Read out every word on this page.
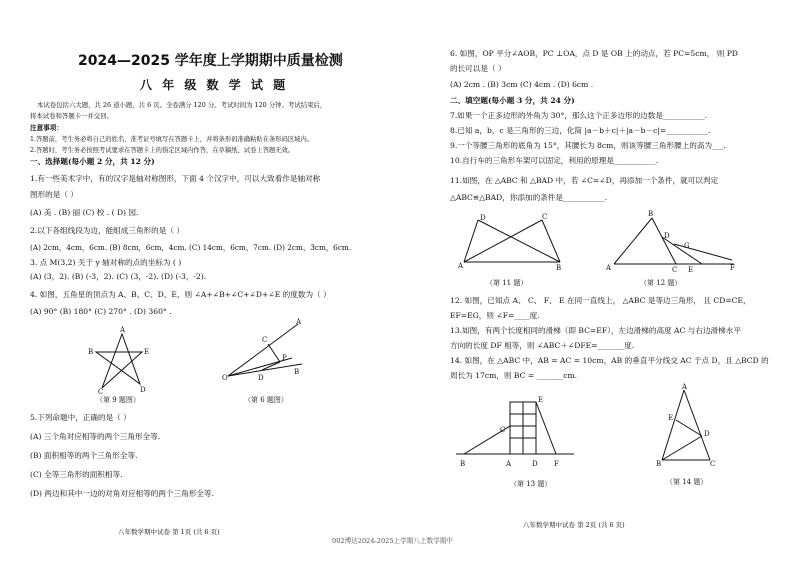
2024—2025 学年度上学期期中质量检测
八 年 级 数 学 试 题
本试卷包括六大题，共 26 道小题，共 6 页。全卷满分 120 分。考试时间为 120 分钟。考试结束后，
将本试卷和答题卡一并交回。
注意事项：
1.答题前，考生务必将自己的姓名、准考证号填写在答题卡上，并将条形码准确粘贴在条形码区域内。
2.答题时，考生务必按照考试要求在答题卡上的指定区域内作答，在草稿纸、试卷上答题无效。
一、选择题(每小题 2 分，共 12 分)
1.有一些美术字中，有的汉字是轴对称图形，下面 4 个汉字中，可以大致看作是轴对称
图形的是（ ）
(A) 美 . (B) 丽 (C) 校 . ( D) 园.
2.以下各组线段为边，能组成三角形的是（ ）
(A) 2cm，4cm，6cm. (B) 8cm，6cm，4cm. (C) 14cm，6cm，7cm. (D) 2cm，3cm，6cm.
3. 点 M(3,2) 关于 y 轴对称的点的坐标为 ( )
(A) (3，2). (B) (-3，2). (C) (3，-2). (D) (-3，-2).
4. 如图，五角星的顶点为 A、B、C、D、E，则 ∠A+∠B+∠C+∠D+∠E 的度数为（ ）
(A) 90° (B) 180° (C) 270° . (D) 360° .
A
B	E
C	D
（第 9 题图）
O
A
C
P
D
B
（第 6 题图）
5.下列命题中，正确的是（ ）
(A) 三个角对应相等的两个三角形全等.
(B) 面积相等的两个三角形全等.
(C) 全等三角形的面积相等.
(D) 两边和其中一边的对角对应相等的两个三角形全等.
八年数学期中试卷 第 1页 (共 6 页)
6. 如图，OP 平分∠AOB，PC ⊥OA，点 D 是 OB 上的动点，若 PC=5cm， 则 PD
的长可以是（ ）
(A) 2cm . (B) 3cm (C) 4cm . (D) 6cm .
二、填空题(每小题 3 分，共 24 分)
7.如果一个正多边形的外角为 30°，那么这个正多边形的边数是___________.
8.已知 a，b，c 是三角形的三边，化简 |a－b＋c|＋|a－b－c|=___________.
9.一个等腰三角形的底角为 15°，其腰长为 8cm，则该等腰三角形腰上的高为___.
10.自行车的三角形车架可以固定，利用的原理是___________.
11.如图，在 △ABC 和 △BAD 中，若 ∠C=∠D，再添加一个条件，就可以判定
△ABC≌△BAD，你添加的条件是___________.
D	C
A	B
（第 11 题）
B
D
G
A	C E	F
（第 12 题）
12. 如图，已知点 A、 C、 F、 E 在同一直线上， △ABC 是等边三角形， 且 CD=CE，
EF=EG，则 ∠F=____度.
13.如图，有两个长度相同的滑梯（即 BC=EF），左边滑梯的高度 AC 与右边滑梯水平
方向的长度 DF 相等，则 ∠ABC＋∠DFE=_______度.
14. 如图，在 △ABC 中，AB = AC = 10cm，AB 的垂直平分线交 AC 于点 D，且 △BCD 的
周长为 17cm，则 BC = _______cm.
B	A	D F
C
E
（第 13 题）
A
E
D
B	C
（第 14 题）
八年数学期中试卷 第 2页 (共 6 页)
002博达2024-2025上学期八上数学期中
